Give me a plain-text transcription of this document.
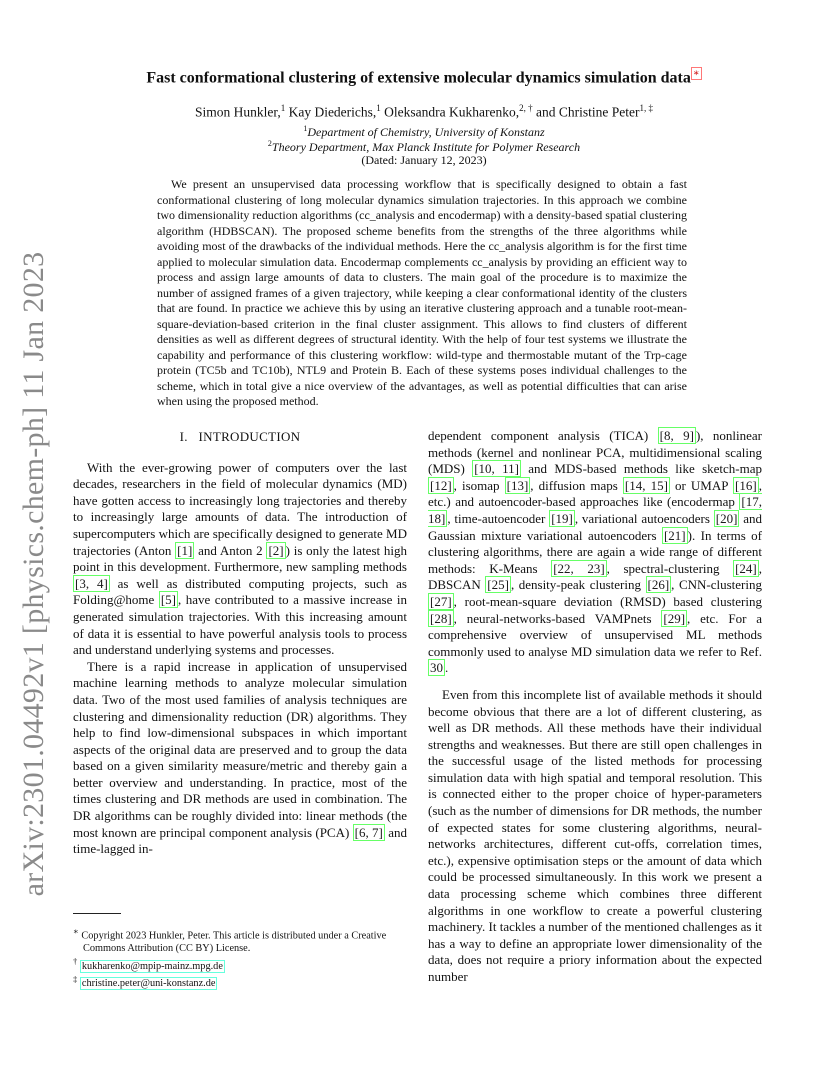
arXiv:2301.04492v1 [physics.chem-ph] 11 Jan 2023
Fast conformational clustering of extensive molecular dynamics simulation data ∗
Simon Hunkler,$^1$ Kay Diederichs,$^1$ Oleksandra Kukharenko,$^{2, \dagger}$ and Christine Peter$^{1, \ddagger}$
$^1$Department of Chemistry, University of Konstanz
$^2$Theory Department, Max Planck Institute for Polymer Research
(Dated: January 12, 2023)
We present an unsupervised data processing workflow that is specifically designed to obtain a fast conformational clustering of long molecular dynamics simulation trajectories. In this approach we combine two dimensionality reduction algorithms (cc_analysis and encodermap) with a density-based spatial clustering algorithm (HDBSCAN). The proposed scheme benefits from the strengths of the three algorithms while avoiding most of the drawbacks of the individual methods. Here the cc_analysis algorithm is for the first time applied to molecular simulation data. Encodermap complements cc_analysis by providing an efficient way to process and assign large amounts of data to clusters. The main goal of the procedure is to maximize the number of assigned frames of a given trajectory, while keeping a clear conformational identity of the clusters that are found. In practice we achieve this by using an iterative clustering approach and a tunable root-mean-square-deviation-based criterion in the final cluster assignment. This allows to find clusters of different densities as well as different degrees of structural identity. With the help of four test systems we illustrate the capability and performance of this clustering workflow: wild-type and thermostable mutant of the Trp-cage protein (TC5b and TC10b), NTL9 and Protein B. Each of these systems poses individual challenges to the scheme, which in total give a nice overview of the advantages, as well as potential difficulties that can arise when using the proposed method.
I. INTRODUCTION

With the ever-growing power of computers over the last decades, researchers in the field of molecular dynamics (MD) have gotten access to increasingly long trajectories and thereby to increasingly large amounts of data. The introduction of supercomputers which are specifically designed to generate MD trajectories (Anton [1] and Anton 2 [2] ) is only the latest high point in this development. Furthermore, new sampling methods [3, 4] as well as distributed computing projects, such as Folding@home [5] , have contributed to a massive increase in generated simulation trajectories. With this increasing amount of data it is essential to have powerful analysis tools to process and understand underlying systems and processes.

There is a rapid increase in application of unsupervised machine learning methods to analyze molecular simulation data. Two of the most used families of analysis techniques are clustering and dimensionality reduction (DR) algorithms. They help to find low-dimensional subspaces in which important aspects of the original data are preserved and to group the data based on a given similarity measure/metric and thereby gain a better overview and understanding. In practice, most of the times clustering and DR methods are used in combination. The DR algorithms can be roughly divided into: linear methods (the most known are principal component analysis (PCA) [6, 7] and time-lagged in-

dependent component analysis (TICA) [8, 9] ), nonlinear methods (kernel and nonlinear PCA, multidimensional scaling (MDS) [10, 11] and MDS-based methods like sketch-map [12] , isomap [13] , diffusion maps [14, 15] or UMAP [16] , etc.) and autoencoder-based approaches like (encodermap [17, 18] , time-autoencoder [19] , variational autoencoders [20] and Gaussian mixture variational autoencoders [21] ). In terms of clustering algorithms, there are again a wide range of different methods: K-Means [22, 23] , spectral-clustering [24] , DBSCAN [25] , density-peak clustering [26] , CNN-clustering [27] , root-mean-square deviation (RMSD) based clustering [28] , neural-networks-based VAMPnets [29] , etc. For a comprehensive overview of unsupervised ML methods commonly used to analyse MD simulation data we refer to Ref. 30 .

Even from this incomplete list of available methods it should become obvious that there are a lot of different clustering, as well as DR methods. All these methods have their individual strengths and weaknesses. But there are still open challenges in the successful usage of the listed methods for processing simulation data with high spatial and temporal resolution. This is connected either to the proper choice of hyper-parameters (such as the number of dimensions for DR methods, the number of expected states for some clustering algorithms, neural-networks architectures, different cut-offs, correlation times, etc.), expensive optimisation steps or the amount of data which could be processed simultaneously. In this work we present a data processing scheme which combines three different algorithms in one workflow to create a powerful clustering machinery. It tackles a number of the mentioned challenges as it has a way to define an appropriate lower dimensionality of the data, does not require a priory information about the expected number

∗ Copyright 2023 Hunkler, Peter. This article is distributed under a Creative Commons Attribution (CC BY) License.
† kukharenko@mpip-mainz.mpg.de
‡ christine.peter@uni-konstanz.de
